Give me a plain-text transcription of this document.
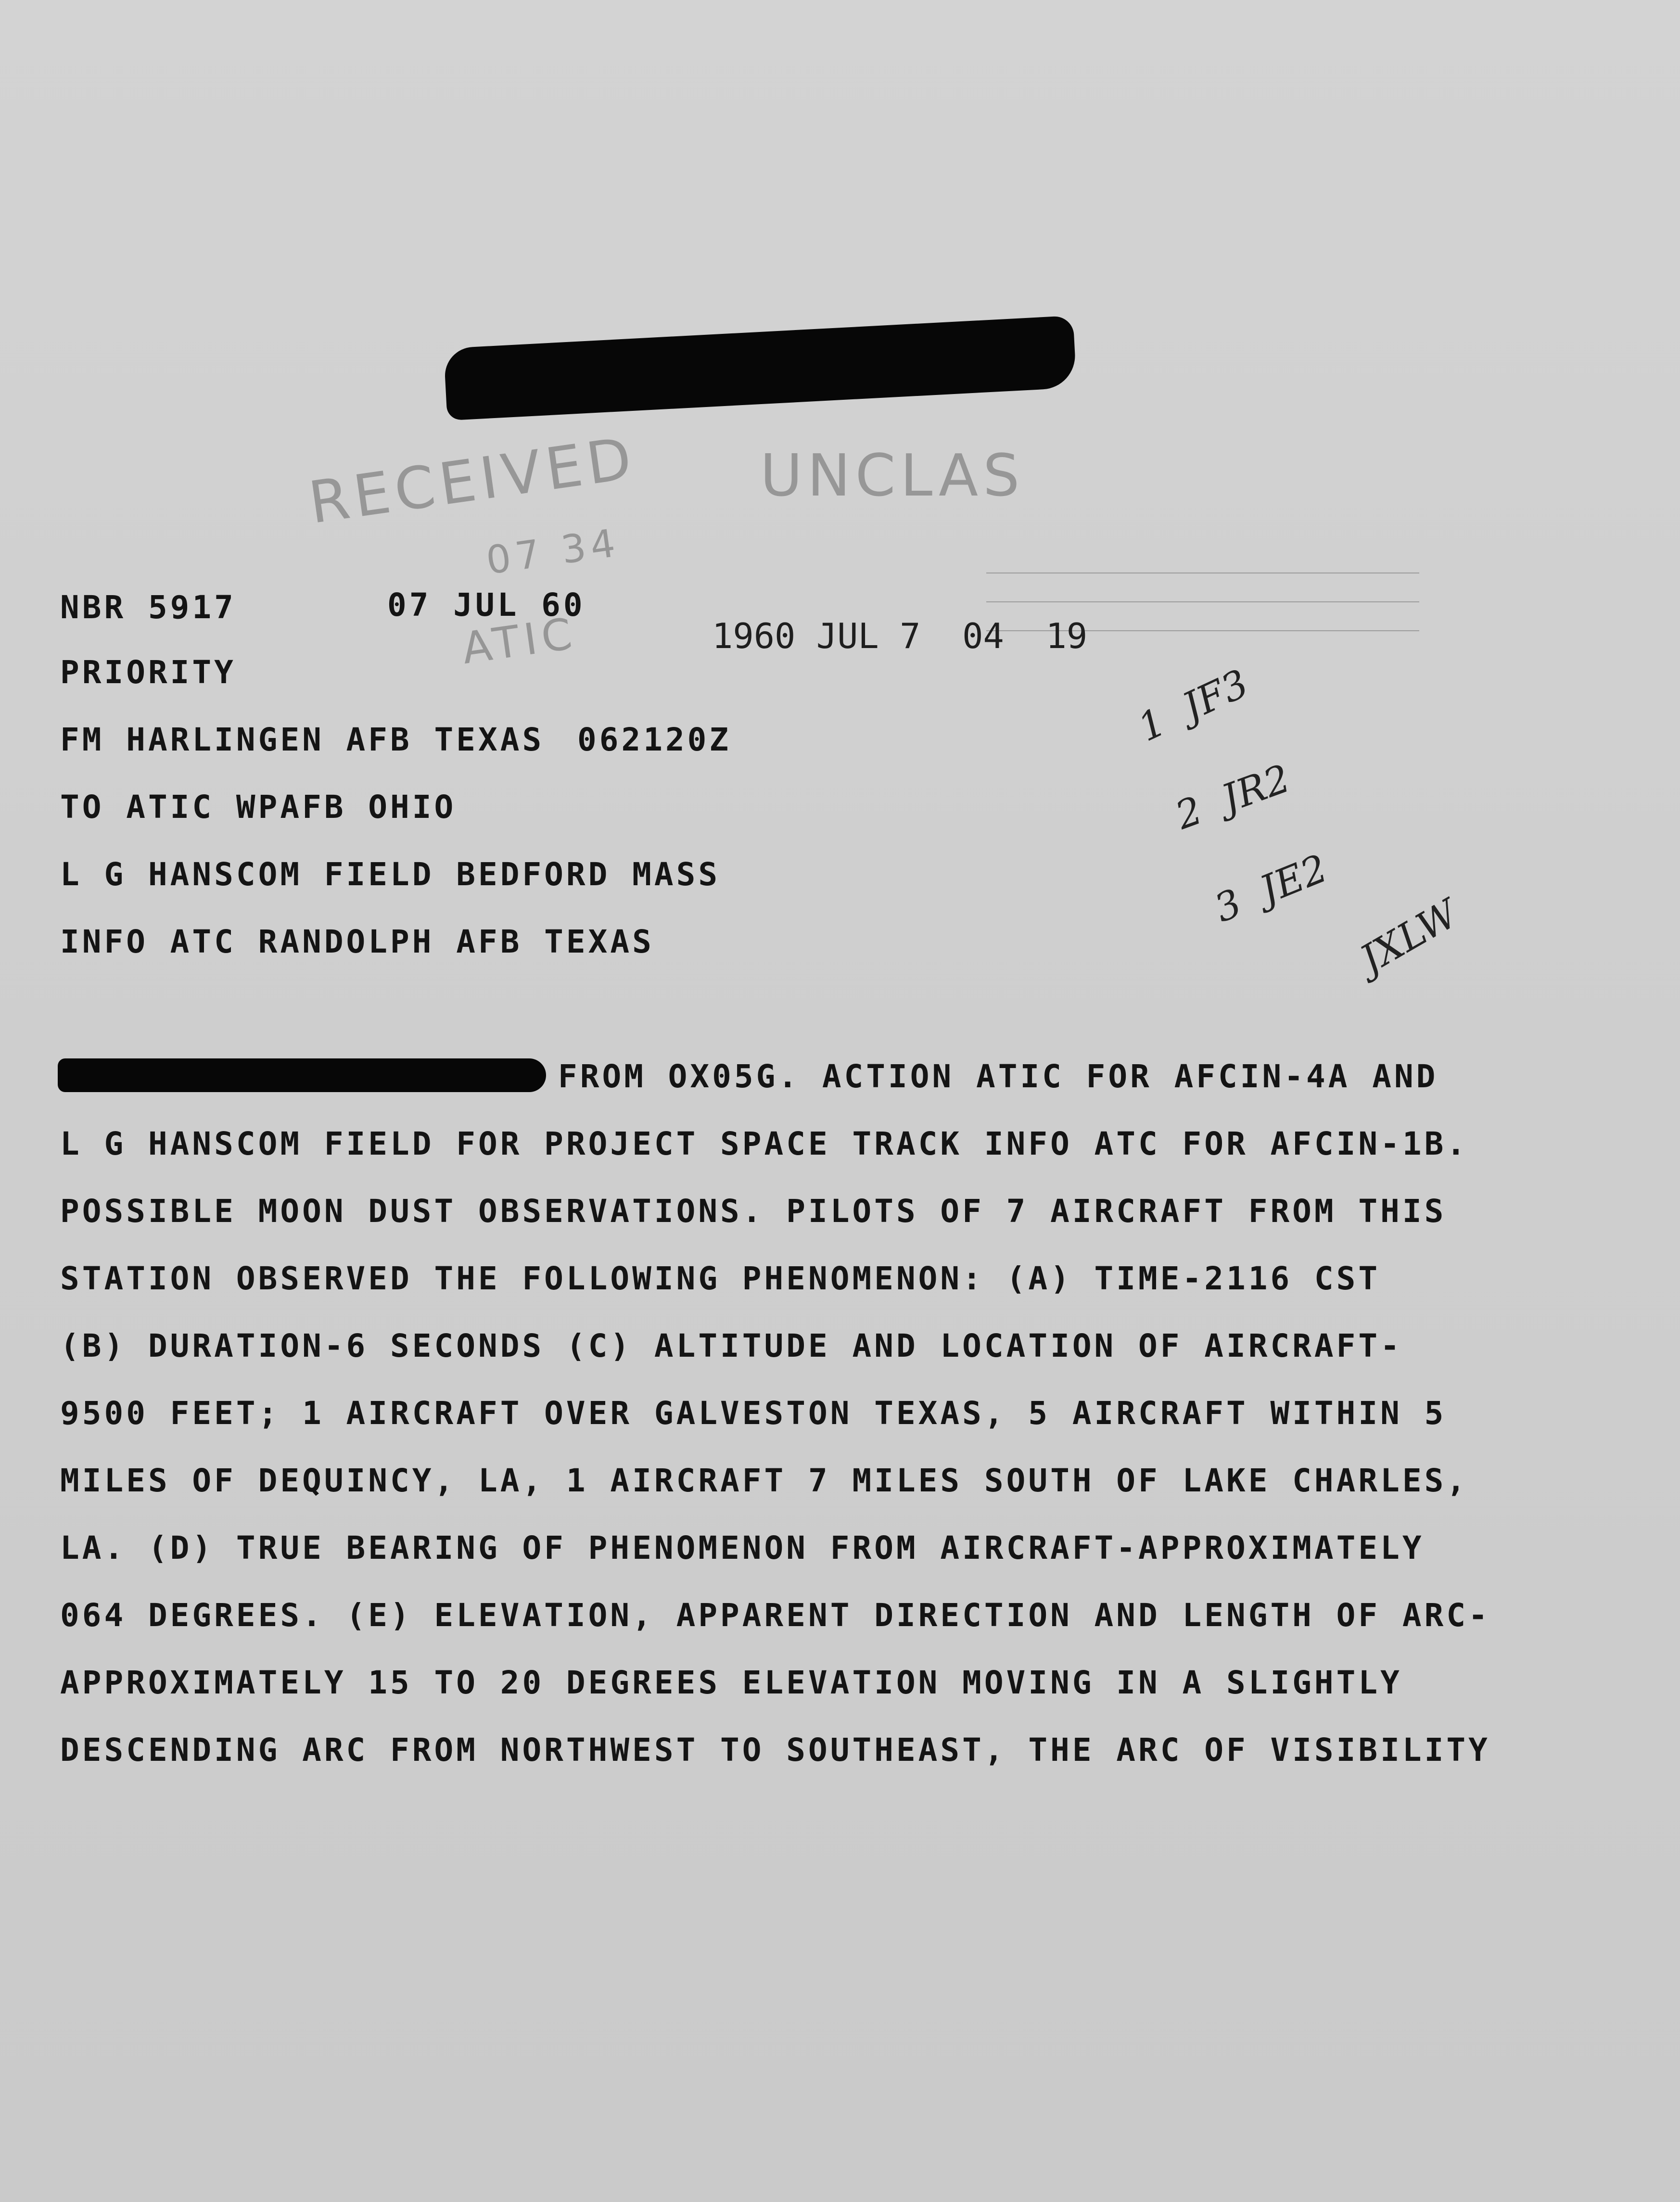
RECEIVED UNCLAS
07 34
ATIC
NBR 5917	07 JUL 60
1960 JUL 7  04  19
PRIORITY
FM HARLINGEN AFB TEXAS 062120Z
TO ATIC WPAFB OHIO
L G HANSCOM FIELD BEDFORD MASS
INFO ATC RANDOLPH AFB TEXAS
1  JF3
2  JR2
3  JE2
JXLW
FROM OX05G. ACTION ATIC FOR AFCIN-4A AND
L G HANSCOM FIELD FOR PROJECT SPACE TRACK INFO ATC FOR AFCIN-1B.
POSSIBLE MOON DUST OBSERVATIONS. PILOTS OF 7 AIRCRAFT FROM THIS
STATION OBSERVED THE FOLLOWING PHENOMENON: (A) TIME-2116 CST
(B) DURATION-6 SECONDS (C) ALTITUDE AND LOCATION OF AIRCRAFT-
9500 FEET; 1 AIRCRAFT OVER GALVESTON TEXAS, 5 AIRCRAFT WITHIN 5
MILES OF DEQUINCY, LA, 1 AIRCRAFT 7 MILES SOUTH OF LAKE CHARLES,
LA. (D) TRUE BEARING OF PHENOMENON FROM AIRCRAFT-APPROXIMATELY
064 DEGREES. (E) ELEVATION, APPARENT DIRECTION AND LENGTH OF ARC-
APPROXIMATELY 15 TO 20 DEGREES ELEVATION MOVING IN A SLIGHTLY
DESCENDING ARC FROM NORTHWEST TO SOUTHEAST, THE ARC OF VISIBILITY
